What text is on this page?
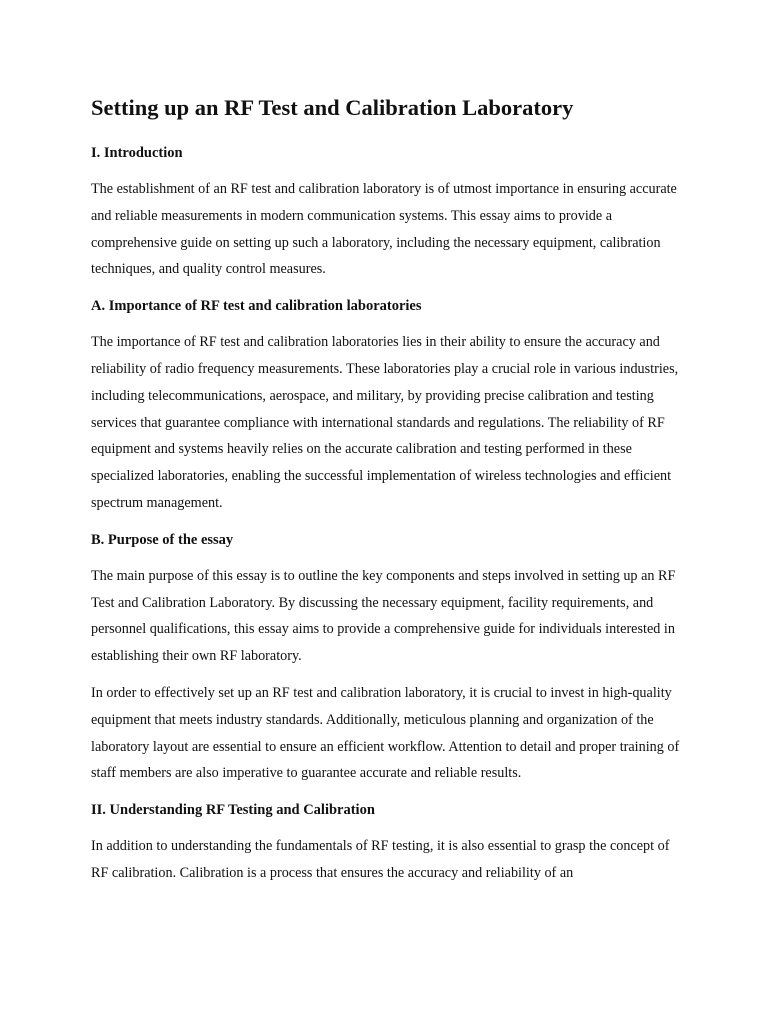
Setting up an RF Test and Calibration Laboratory
I. Introduction

The establishment of an RF test and calibration laboratory is of utmost importance in ensuring accurate and reliable measurements in modern communication systems. This essay aims to provide a comprehensive guide on setting up such a laboratory, including the necessary equipment, calibration techniques, and quality control measures.

A. Importance of RF test and calibration laboratories

The importance of RF test and calibration laboratories lies in their ability to ensure the accuracy and reliability of radio frequency measurements. These laboratories play a crucial role in various industries, including telecommunications, aerospace, and military, by providing precise calibration and testing services that guarantee compliance with international standards and regulations. The reliability of RF equipment and systems heavily relies on the accurate calibration and testing performed in these specialized laboratories, enabling the successful implementation of wireless technologies and efficient spectrum management.

B. Purpose of the essay

The main purpose of this essay is to outline the key components and steps involved in setting up an RF Test and Calibration Laboratory. By discussing the necessary equipment, facility requirements, and personnel qualifications, this essay aims to provide a comprehensive guide for individuals interested in establishing their own RF laboratory.

In order to effectively set up an RF test and calibration laboratory, it is crucial to invest in high-quality equipment that meets industry standards. Additionally, meticulous planning and organization of the laboratory layout are essential to ensure an efficient workflow. Attention to detail and proper training of staff members are also imperative to guarantee accurate and reliable results.

II. Understanding RF Testing and Calibration

In addition to understanding the fundamentals of RF testing, it is also essential to grasp the concept of RF calibration. Calibration is a process that ensures the accuracy and reliability of an
